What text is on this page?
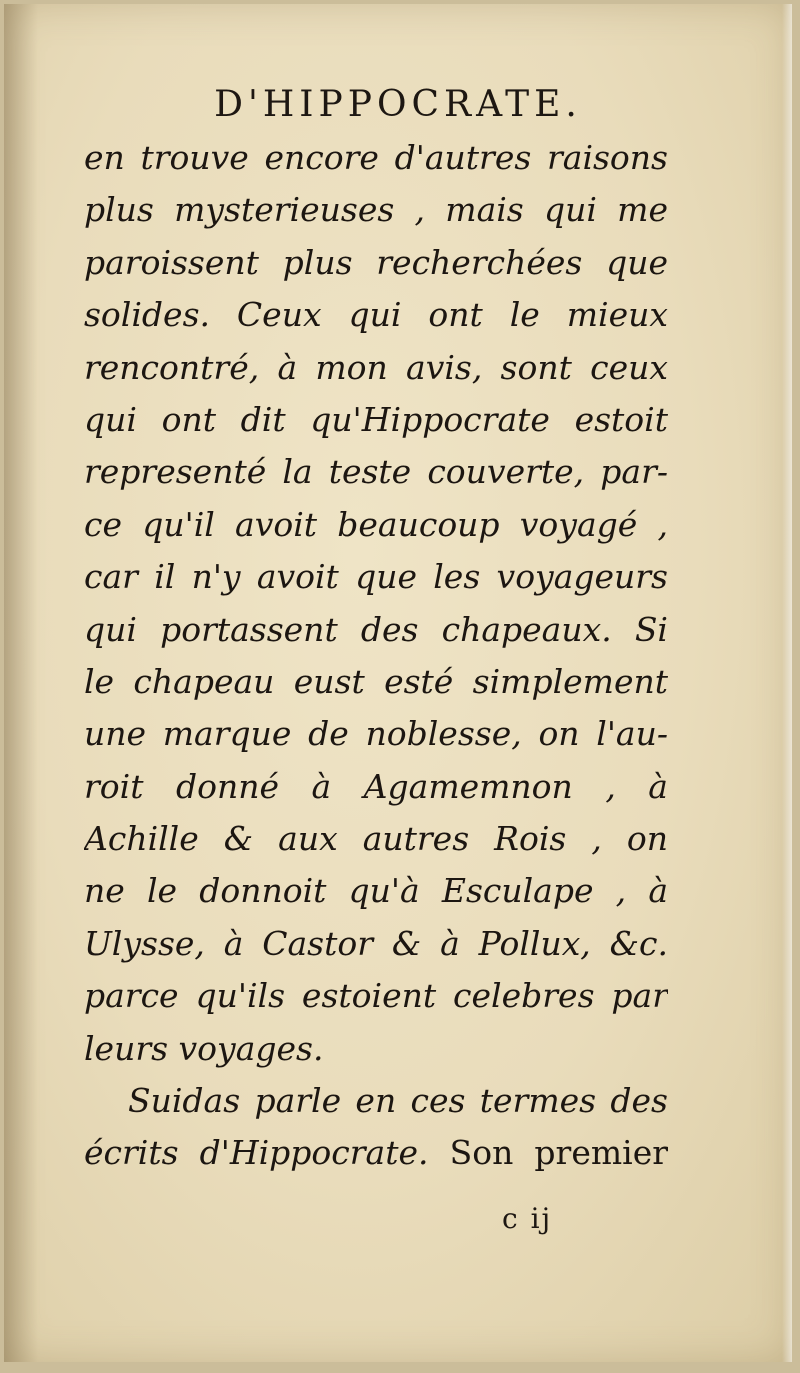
D'HIPPOCRATE.
en trouve encore d'autres raisons
plus mysterieuses , mais qui me
paroissent plus recherchées que
solides. Ceux qui ont le mieux
rencontré, à mon avis, sont ceux
qui ont dit qu'Hippocrate estoit
representé la teste couverte, par-
ce qu'il avoit beaucoup voyagé ,
car il n'y avoit que les voyageurs
qui portassent des chapeaux. Si
le chapeau eust esté simplement
une marque de noblesse, on l'au-
roit donné à Agamemnon , à
Achille & aux autres Rois , on
ne le donnoit qu'à Esculape , à
Ulysse, à Castor & à Pollux, &c.
parce qu'ils estoient celebres par
leurs voyages.
Suidas parle en ces termes des
écrits d'Hippocrate. Son premier
c ij
